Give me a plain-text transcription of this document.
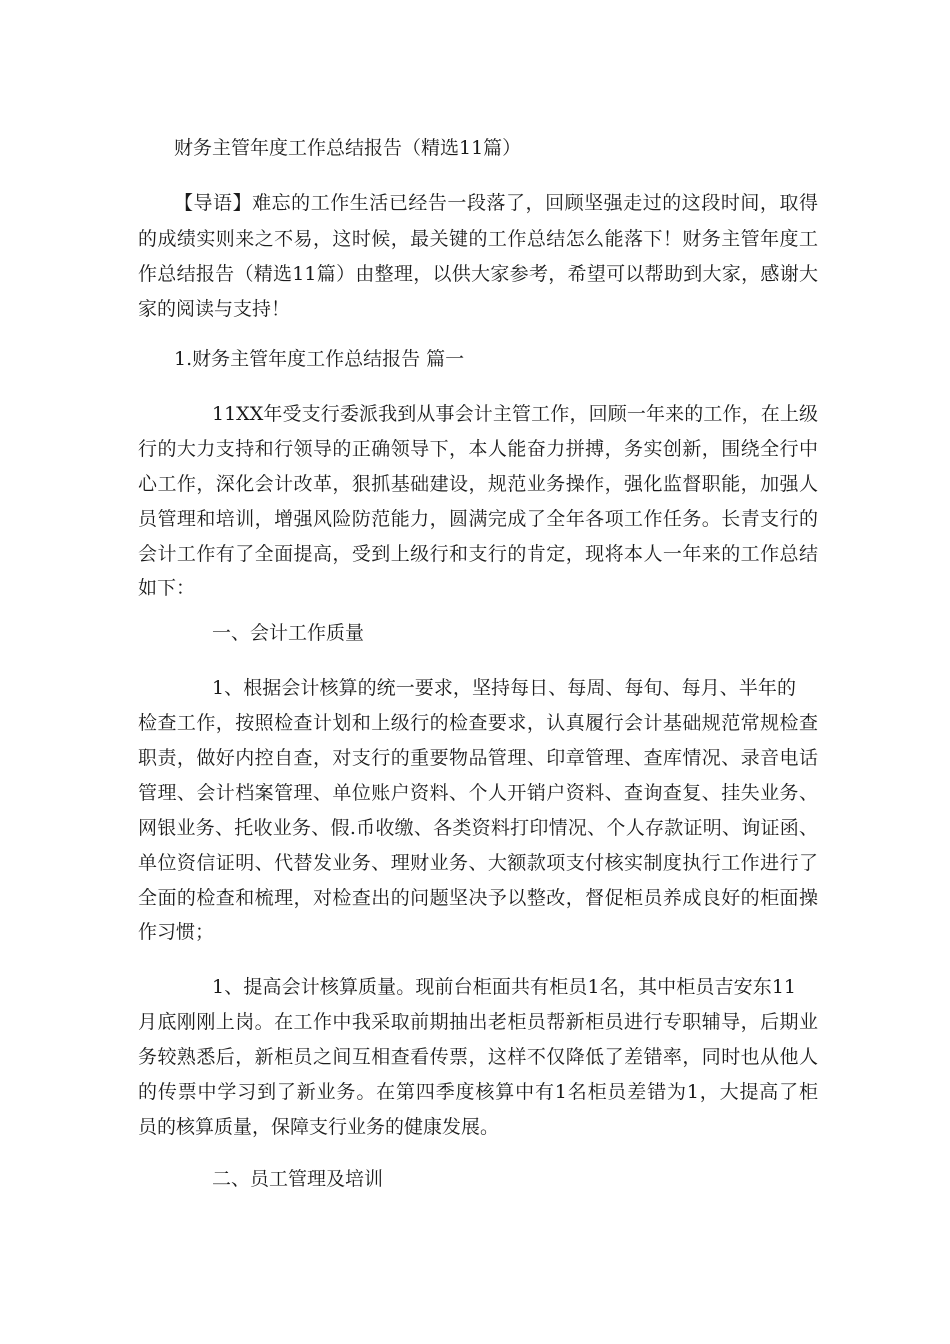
财务主管年度工作总结报告（精选11篇）
【导语】难忘的工作生活已经告一段落了，回顾坚强走过的这段时间，取得
的成绩实则来之不易，这时候，最关键的工作总结怎么能落下！财务主管年度工
作总结报告（精选11篇）由整理，以供大家参考，希望可以帮助到大家，感谢大
家的阅读与支持！
1.财务主管年度工作总结报告 篇一
11XX年受支行委派我到从事会计主管工作，回顾一年来的工作，在上级
行的大力支持和行领导的正确领导下，本人能奋力拼搏，务实创新，围绕全行中
心工作，深化会计改革，狠抓基础建设，规范业务操作，强化监督职能，加强人
员管理和培训，增强风险防范能力，圆满完成了全年各项工作任务。长青支行的
会计工作有了全面提高，受到上级行和支行的肯定，现将本人一年来的工作总结
如下：
一、会计工作质量
1、根据会计核算的统一要求，坚持每日、每周、每旬、每月、半年的
检查工作，按照检查计划和上级行的检查要求，认真履行会计基础规范常规检查
职责，做好内控自查，对支行的重要物品管理、印章管理、查库情况、录音电话
管理、会计档案管理、单位账户资料、个人开销户资料、查询查复、挂失业务、
网银业务、托收业务、假.币收缴、各类资料打印情况、个人存款证明、询证函、
单位资信证明、代替发业务、理财业务、大额款项支付核实制度执行工作进行了
全面的检查和梳理，对检查出的问题坚决予以整改，督促柜员养成良好的柜面操
作习惯；
1、提高会计核算质量。现前台柜面共有柜员1名，其中柜员吉安东11
月底刚刚上岗。在工作中我采取前期抽出老柜员帮新柜员进行专职辅导，后期业
务较熟悉后，新柜员之间互相查看传票，这样不仅降低了差错率，同时也从他人
的传票中学习到了新业务。在第四季度核算中有1名柜员差错为1，大提高了柜
员的核算质量，保障支行业务的健康发展。
二、员工管理及培训
